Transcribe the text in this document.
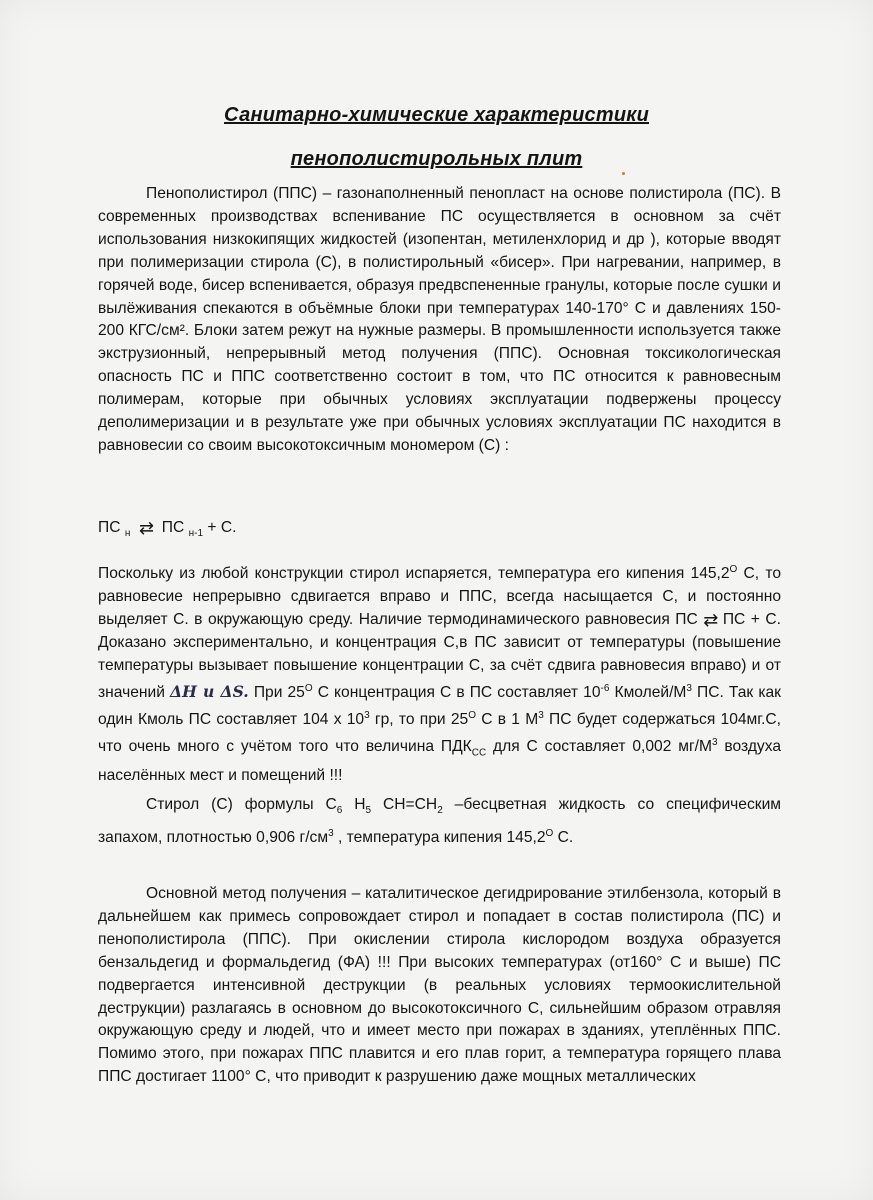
Санитарно-химические характеристики
пенополистирольных плит

Пенополистирол (ППС) – газонаполненный пенопласт на основе полистирола (ПС). В современных производствах вспенивание ПС осуществляется в основном за счёт использования низкокипящих жидкостей (изопентан, метиленхлорид и др ), которые вводят при полимеризации стирола (С), в полистирольный «бисер». При нагревании, например, в горячей воде, бисер вспенивается, образуя предвспененные гранулы, которые после сушки и вылёживания спекаются в объёмные блоки при температурах 140-170° С и давлениях 150-200 КГС/см². Блоки затем режут на нужные размеры. В промышленности используется также экструзионный, непрерывный метод получения (ППС). Основная токсикологическая опасность ПС и ППС соответственно состоит в том, что ПС относится к равновесным полимерам, которые при обычных условиях эксплуатации подвержены процессу деполимеризации и в результате уже при обычных условиях эксплуатации ПС находится в равновесии со своим высокотоксичным мономером (С) :

ПС $_н$ ⇄ ПС $_{н-1}$ + С.

Поскольку из любой конструкции стирол испаряется, температура его кипения $145,2^O$ С, то равновесие непрерывно сдвигается вправо и ППС, всегда насыщается С, и постоянно выделяет С. в окружающую среду. Наличие термодинамического равновесия ПС ⇄ ПС + С. Доказано экспериментально, и концентрация С,в ПС зависит от температуры (повышение температуры вызывает повышение концентрации С, за счёт сдвига равновесия вправо) и от значений ΔH и ΔS. При $25^O$ С концентрация С в ПС составляет $10^{-6}$ Кмолей/$М^3$ ПС. Так как один Кмоль ПС составляет 104 х $10^3$ гр, то при $25^O$ С в 1 $М^3$ ПС будет содержаться 104мг.С, что очень много с учётом того что величина $ПДК_{СС}$ для С составляет 0,002 $мг/М^3$ воздуха населённых мест и помещений !!!

Стирол (С) формулы $С_6$ $H_5$ $CH=CH_2$ –бесцветная жидкость со специфическим запахом, плотностью 0,906 $г/см^3$ , температура кипения $145,2^O$ С.

Основной метод получения – каталитическое дегидрирование этилбензола, который в дальнейшем как примесь сопровождает стирол и попадает в состав полистирола (ПС) и пенополистирола (ППС). При окислении стирола кислородом воздуха образуется бензальдегид и формальдегид (ФА) !!! При высоких температурах (от160° С и выше) ПС подвергается интенсивной деструкции (в реальных условиях термоокислительной деструкции) разлагаясь в основном до высокотоксичного С, сильнейшим образом отравляя окружающую среду и людей, что и имеет место при пожарах в зданиях, утеплённых ППС. Помимо этого, при пожарах ППС плавится и его плав горит, а температура горящего плава ППС достигает 1100° С, что приводит к разрушению даже мощных металлических
